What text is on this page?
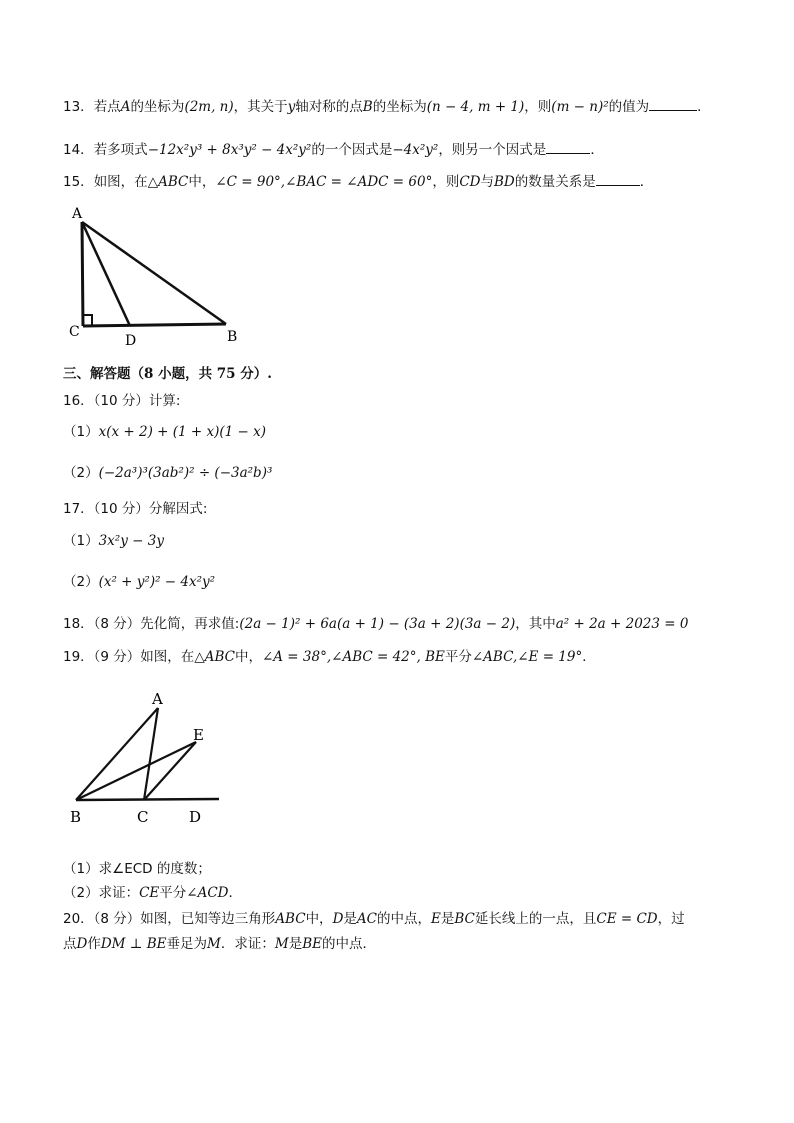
13．若点A的坐标为(2m, n)，其关于y轴对称的点B的坐标为(n − 4, m + 1)，则(m − n)²的值为	．
14．若多项式−12x²y³ + 8x³y² − 4x²y²的一个因式是−4x²y²，则另一个因式是	．
15．如图，在△ABC中，∠C = 90°,∠BAC = ∠ADC = 60°，则CD与BD的数量关系是	．
A
C
D	B
三、解答题（8 小题，共 75 分）.
16．（10 分）计算:
（1）x(x + 2) + (1 + x)(1 − x)
（2）(−2a³)³(3ab²)² ÷ (−3a²b)³
17．（10 分）分解因式:
（1）3x²y − 3y
（2）(x² + y²)² − 4x²y²
18．（8 分）先化简，再求值:(2a − 1)² + 6a(a + 1) − (3a + 2)(3a − 2)，其中a² + 2a + 2023 = 0
19．（9 分）如图，在△ABC中，∠A = 38°,∠ABC = 42°, BE平分∠ABC,∠E = 19°．
A
E
B	C	D
（1）求∠ECD 的度数；
（2）求证：CE平分∠ACD．
20．（8 分）如图，已知等边三角形ABC中，D是AC的中点，E是BC延长线上的一点，且CE = CD，过
点D作DM ⊥ BE垂足为M．求证：M是BE的中点．
